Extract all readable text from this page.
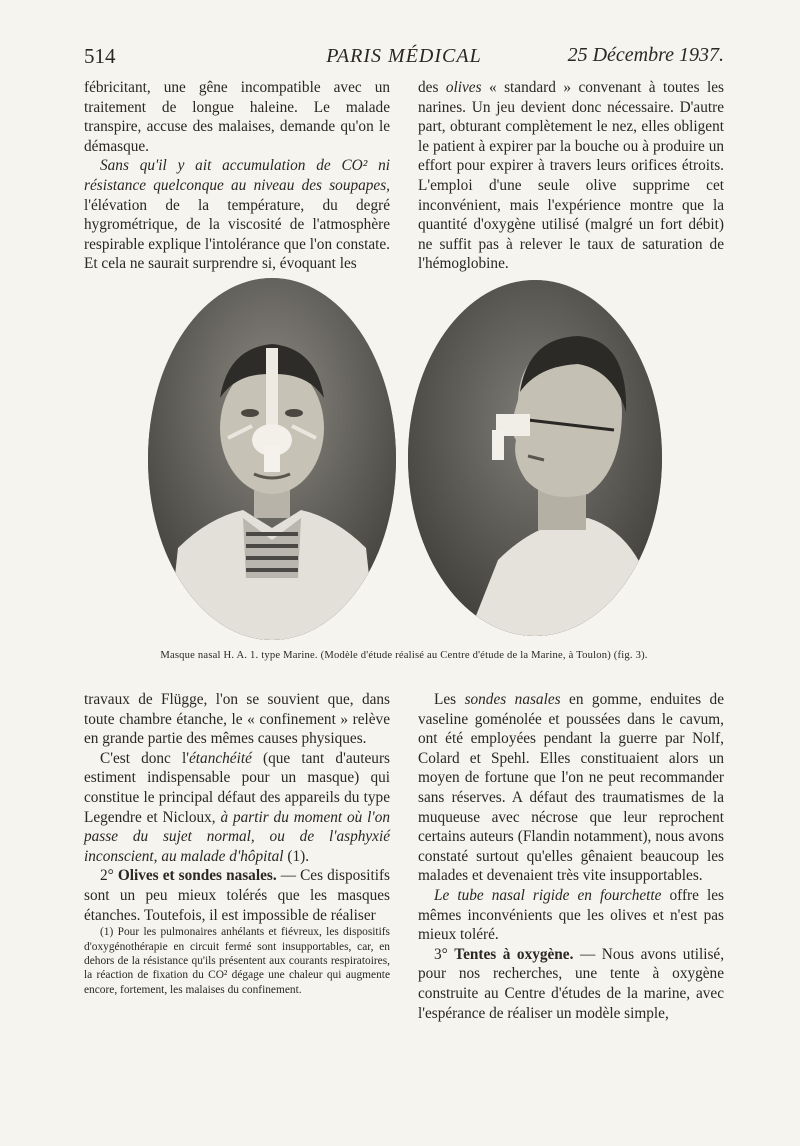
514	PARIS MÉDICAL	25 Décembre 1937.

fébricitant, une gêne incompatible avec un traitement de longue haleine. Le malade transpire, accuse des malaises, demande qu'on le démasque.

Sans qu'il y ait accumulation de CO² ni résistance quelconque au niveau des soupapes, l'élévation de la température, du degré hygrométrique, de la viscosité de l'atmosphère respirable explique l'intolérance que l'on constate. Et cela ne saurait surprendre si, évoquant les

des olives « standard » convenant à toutes les narines. Un jeu devient donc nécessaire. D'autre part, obturant complètement le nez, elles obligent le patient à expirer par la bouche ou à produire un effort pour expirer à travers leurs orifices étroits. L'emploi d'une seule olive supprime cet inconvénient, mais l'expérience montre que la quantité d'oxygène utilisé (malgré un fort débit) ne suffit pas à relever le taux de saturation de l'hémoglobine.

Masque nasal H. A. 1. type Marine. (Modèle d'étude réalisé au Centre d'étude de la Marine, à Toulon) (fig. 3).

travaux de Flügge, l'on se souvient que, dans toute chambre étanche, le « confinement » relève en grande partie des mêmes causes physiques.

C'est donc l'étanchéité (que tant d'auteurs estiment indispensable pour un masque) qui constitue le principal défaut des appareils du type Legendre et Nicloux, à partir du moment où l'on passe du sujet normal, ou de l'asphyxié inconscient, au malade d'hôpital (1).

2° Olives et sondes nasales. — Ces dispositifs sont un peu mieux tolérés que les masques étanches. Toutefois, il est impossible de réaliser

(1) Pour les pulmonaires anhélants et fiévreux, les dispositifs d'oxygénothérapie en circuit fermé sont insupportables, car, en dehors de la résistance qu'ils présentent aux courants respiratoires, la réaction de fixation du CO² dégage une chaleur qui augmente encore, fortement, les malaises du confinement.

Les sondes nasales en gomme, enduites de vaseline goménolée et poussées dans le cavum, ont été employées pendant la guerre par Nolf, Colard et Spehl. Elles constituaient alors un moyen de fortune que l'on ne peut recommander sans réserves. A défaut des traumatismes de la muqueuse avec nécrose que leur reprochent certains auteurs (Flandin notamment), nous avons constaté surtout qu'elles gênaient beaucoup les malades et devenaient très vite insupportables.

Le tube nasal rigide en fourchette offre les mêmes inconvénients que les olives et n'est pas mieux toléré.

3° Tentes à oxygène. — Nous avons utilisé, pour nos recherches, une tente à oxygène construite au Centre d'études de la marine, avec l'espérance de réaliser un modèle simple,
